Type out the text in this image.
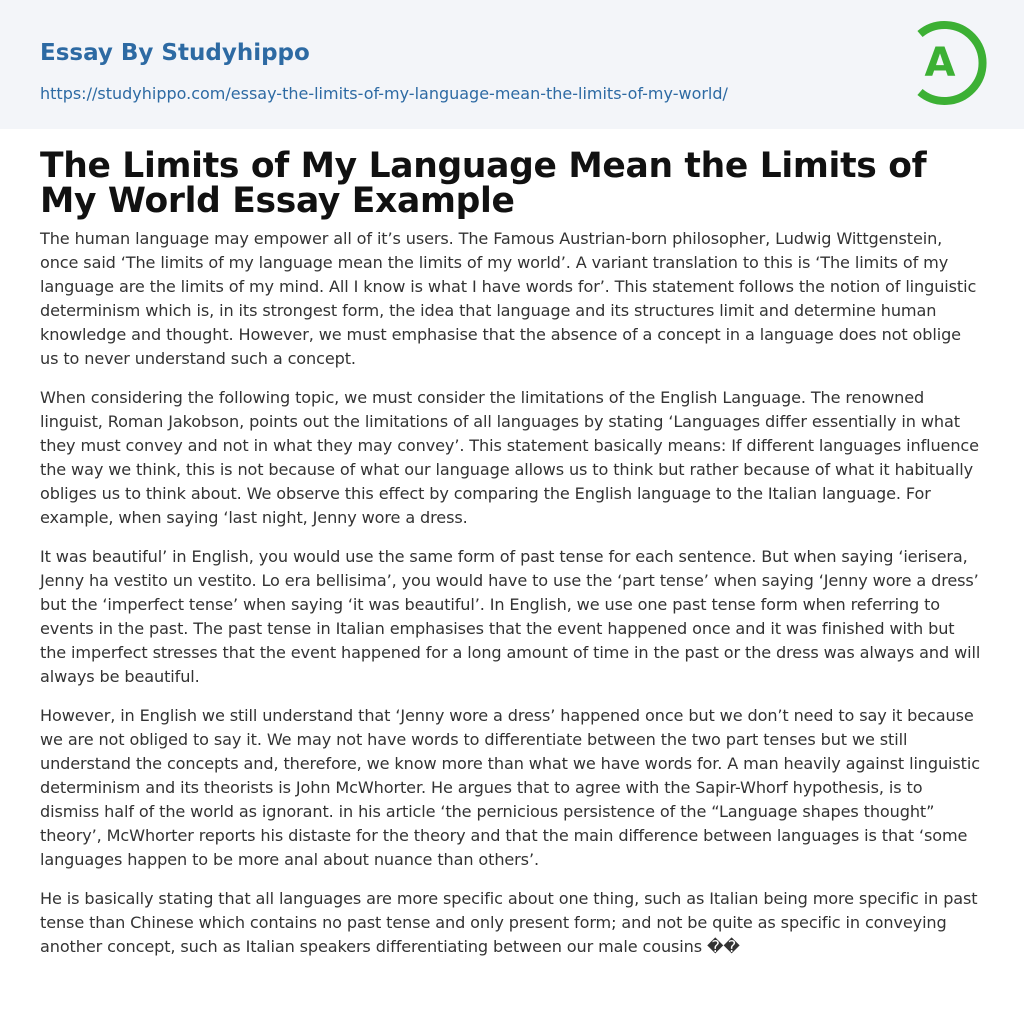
Essay By Studyhippo
https://studyhippo.com/essay-the-limits-of-my-language-mean-the-limits-of-my-world/
A
The Limits of My Language Mean the Limits of My World Essay Example

The human language may empower all of it’s users. The Famous Austrian-born philosopher, Ludwig Wittgenstein, once said ‘The limits of my language mean the limits of my world’. A variant translation to this is ‘The limits of my language are the limits of my mind. All I know is what I have words for’. This statement follows the notion of linguistic determinism which is, in its strongest form, the idea that language and its structures limit and determine human knowledge and thought. However, we must emphasise that the absence of a concept in a language does not oblige us to never understand such a concept.

When considering the following topic, we must consider the limitations of the English Language. The renowned linguist, Roman Jakobson, points out the limitations of all languages by stating ‘Languages differ essentially in what they must convey and not in what they may convey’. This statement basically means: If different languages influence the way we think, this is not because of what our language allows us to think but rather because of what it habitually obliges us to think about. We observe this effect by comparing the English language to the Italian language. For example, when saying ‘last night, Jenny wore a dress.

It was beautiful’ in English, you would use the same form of past tense for each sentence. But when saying ‘ierisera, Jenny ha vestito un vestito. Lo era bellisima’, you would have to use the ‘part tense’ when saying ‘Jenny wore a dress’ but the ‘imperfect tense’ when saying ‘it was beautiful’. In English, we use one past tense form when referring to events in the past. The past tense in Italian emphasises that the event happened once and it was finished with but the imperfect stresses that the event happened for a long amount of time in the past or the dress was always and will always be beautiful.

However, in English we still understand that ‘Jenny wore a dress’ happened once but we don’t need to say it because we are not obliged to say it. We may not have words to differentiate between the two part tenses but we still understand the concepts and, therefore, we know more than what we have words for. A man heavily against linguistic determinism and its theorists is John McWhorter. He argues that to agree with the Sapir-Whorf hypothesis, is to dismiss half of the world as ignorant. in his article ‘the pernicious persistence of the “Language shapes thought” theory’, McWhorter reports his distaste for the theory and that the main difference between languages is that ‘some languages happen to be more anal about nuance than others’.

He is basically stating that all languages are more specific about one thing, such as Italian being more specific in past tense than Chinese which contains no past tense and only present form; and not be quite as specific in conveying another concept, such as Italian speakers differentiating between our male cousins ��
